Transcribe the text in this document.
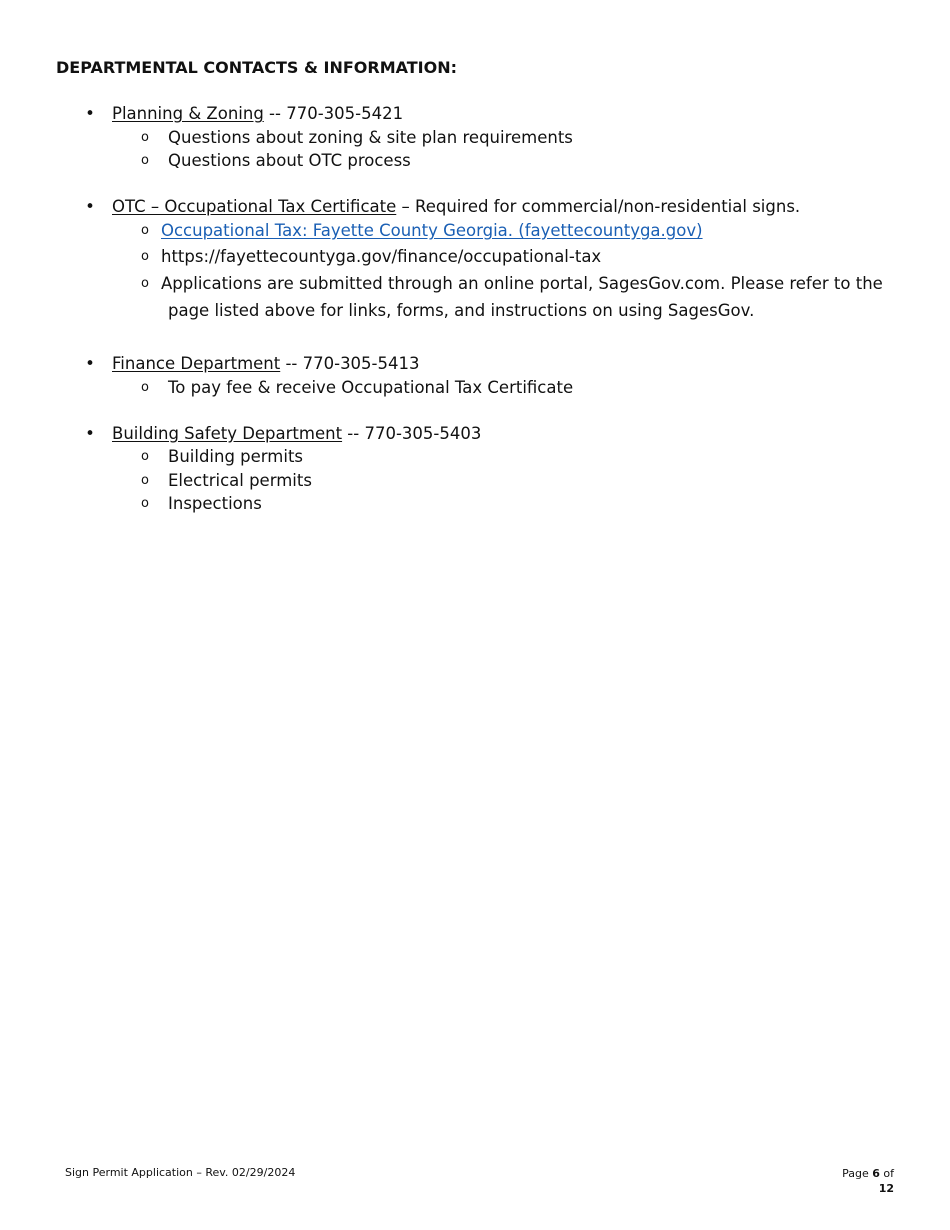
DEPARTMENTAL CONTACTS & INFORMATION:
• Planning & Zoning -- 770-305-5421
o Questions about zoning & site plan requirements
o Questions about OTC process
• OTC – Occupational Tax Certificate – Required for commercial/non-residential signs.
o Occupational Tax: Fayette County Georgia. (fayettecountyga.gov)
o https://fayettecountyga.gov/finance/occupational-tax
o Applications are submitted through an online portal, SagesGov.com. Please refer to the
page listed above for links, forms, and instructions on using SagesGov.
• Finance Department -- 770-305-5413
o To pay fee & receive Occupational Tax Certificate
• Building Safety Department -- 770-305-5403
o Building permits
o Electrical permits
o Inspections
Sign Permit Application – Rev. 02/29/2024	Page 6 of
12
